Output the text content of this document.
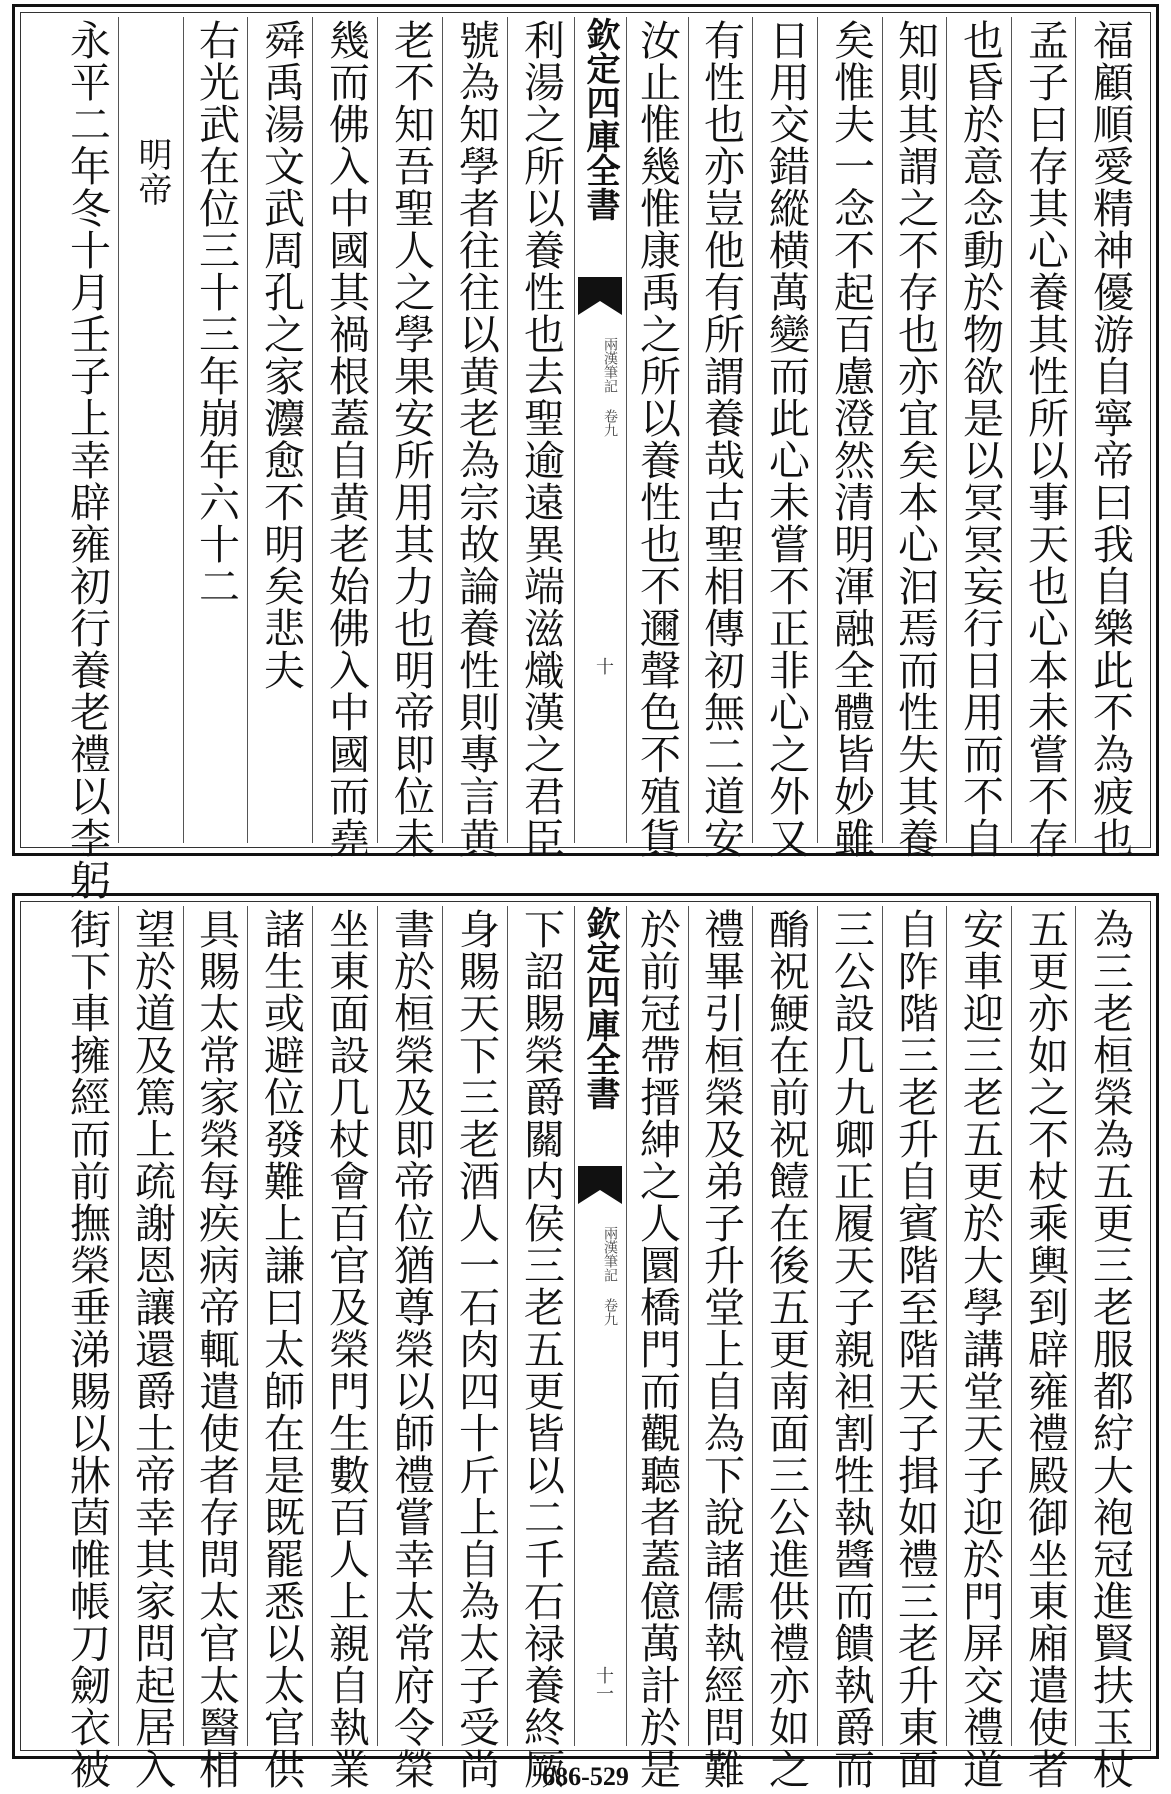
福顧順愛精神優游自寧帝曰我自樂此不為疲也
孟子曰存其心養其性所以事天也心本未嘗不存
也昏於意念動於物欲是以冥冥妄行日用而不自
知則其謂之不存也亦宜矣本心汩焉而性失其養
矣惟夫一念不起百慮澄然清明渾融全體皆妙雖
日用交錯縱横萬變而此心未嘗不正非心之外又
有性也亦豈他有所謂養哉古聖相傳初無二道安
汝止惟幾惟康禹之所以養性也不邇聲色不殖貨
欽定四庫全書
兩漢筆記 卷九
十
利湯之所以養性也去聖逾遠異端滋熾漢之君臣
號為知學者往往以黄老為宗故論養性則專言黄
老不知吾聖人之學果安所用其力也明帝即位未
幾而佛入中國其禍根蓋自黄老始佛入中國而堯
舜禹湯文武周孔之家灋愈不明矣悲夫
右光武在位三十三年崩年六十二
明帝
永平二年冬十月壬子上幸辟雍初行養老禮以李躬
為三老桓榮為五更三老服都紵大袍冠進賢扶玉杖
五更亦如之不杖乘輿到辟雍禮殿御坐東廂遣使者
安車迎三老五更於大學講堂天子迎於門屏交禮道
自阼階三老升自賓階至階天子揖如禮三老升東面
三公設几九卿正履天子親袒割牲執醬而饋執爵而
酳祝鯁在前祝饐在後五更南面三公進供禮亦如之
禮畢引桓榮及弟子升堂上自為下說諸儒執經問難
於前冠帶搢紳之人圜橋門而觀聽者蓋億萬計於是
欽定四庫全書
兩漢筆記 卷九
十一
下詔賜榮爵關内侯三老五更皆以二千石禄養終厥
身賜天下三老酒人一石肉四十斤上自為太子受尚
書於桓榮及即帝位猶尊榮以師禮嘗幸太常府令榮
坐東面設几杖會百官及榮門生數百人上親自執業
諸生或避位發難上謙曰太師在是既罷悉以太官供
具賜太常家榮每疾病帝輒遣使者存問太官太醫相
望於道及篤上疏謝恩讓還爵土帝幸其家問起居入
街下車擁經而前撫榮垂涕賜以牀茵帷帳刀劒衣被	686-529
